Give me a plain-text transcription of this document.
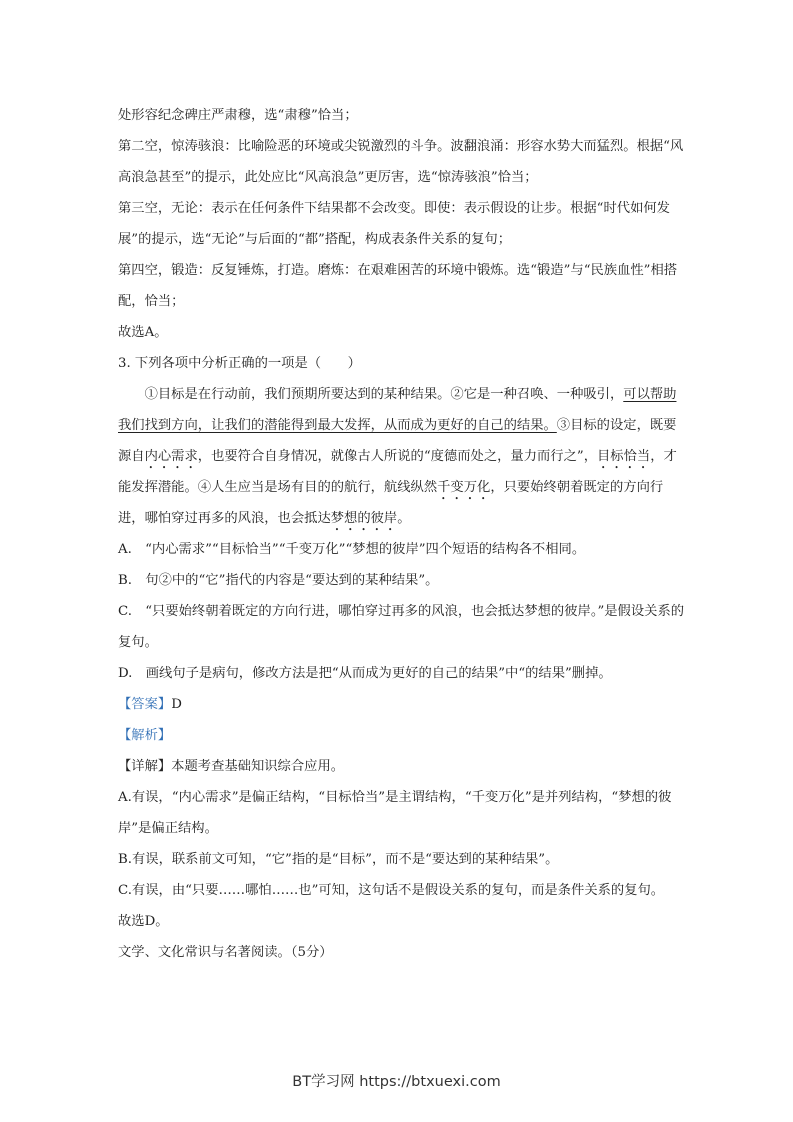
处形容纪念碑庄严肃穆，选“肃穆”恰当；

第二空，惊涛骇浪：比喻险恶的环境或尖锐激烈的斗争。波翻浪涌：形容水势大而猛烈。根据“风高浪急甚至”的提示，此处应比“风高浪急”更厉害，选“惊涛骇浪”恰当；

第三空，无论：表示在任何条件下结果都不会改变。即使：表示假设的让步。根据“时代如何发展”的提示，选“无论”与后面的“都”搭配，构成表条件关系的复句；

第四空，锻造：反复锤炼，打造。磨炼：在艰难困苦的环境中锻炼。选“锻造”与“民族血性”相搭配，恰当；

故选A。

3. 下列各项中分析正确的一项是（　　）

①目标是在行动前，我们预期所要达到的某种结果。②它是一种召唤、一种吸引，可以帮助我们找到方向，让我们的潜能得到最大发挥，从而成为更好的自己的结果。③目标的设定，既要源自内心需求，也要符合自身情况，就像古人所说的“度德而处之，量力而行之”，目标恰当，才能发挥潜能。④人生应当是场有目的的航行，航线纵然千变万化，只要始终朝着既定的方向行进，哪怕穿过再多的风浪，也会抵达梦想的彼岸。

A.　“内心需求”“目标恰当”“千变万化”“梦想的彼岸”四个短语的结构各不相同。

B.　句②中的“它”指代的内容是“要达到的某种结果”。

C.　“只要始终朝着既定的方向行进，哪怕穿过再多的风浪，也会抵达梦想的彼岸。”是假设关系的复句。

D.　画线句子是病句，修改方法是把“从而成为更好的自己的结果”中“的结果”删掉。

【答案】D

【解析】

【详解】本题考查基础知识综合应用。

A.有误，“内心需求”是偏正结构，“目标恰当”是主谓结构，“千变万化”是并列结构，“梦想的彼岸”是偏正结构。

B.有误，联系前文可知，“它”指的是“目标”，而不是“要达到的某种结果”。

C.有误，由“只要……哪怕……也”可知，这句话不是假设关系的复句，而是条件关系的复句。

故选D。

文学、文化常识与名著阅读。（5分）

BT学习网 https://btxuexi.com
